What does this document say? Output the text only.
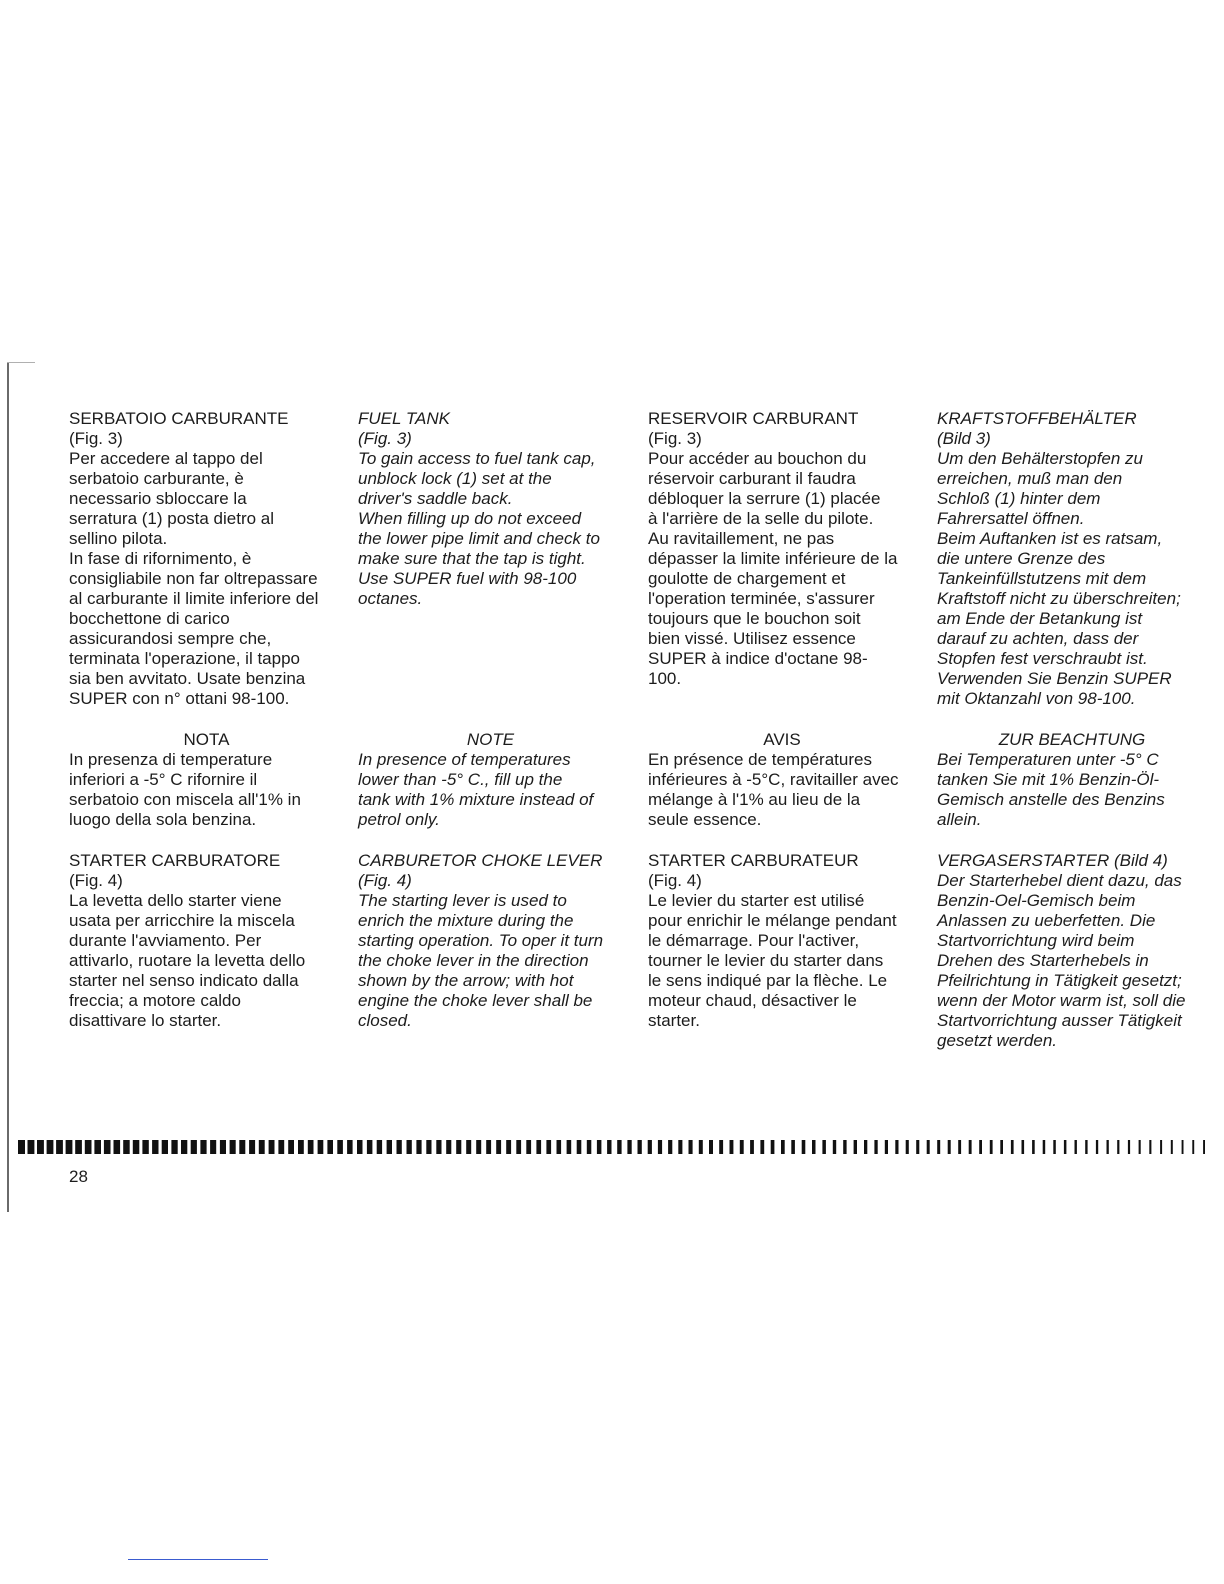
SERBATOIO CARBURANTE
(Fig. 3)
Per accedere al tappo del
serbatoio carburante, è
necessario sbloccare la
serratura (1) posta dietro al
sellino pilota.
In fase di rifornimento, è
consigliabile non far oltrepassare
al carburante il limite inferiore del
bocchettone di carico
assicurandosi sempre che,
terminata l'operazione, il tappo
sia ben avvitato. Usate benzina
SUPER con n° ottani 98-100.
NOTA
In presenza di temperature
inferiori a -5° C rifornire il
serbatoio con miscela all'1% in
luogo della sola benzina.
STARTER CARBURATORE
(Fig. 4)
La levetta dello starter viene
usata per arricchire la miscela
durante l'avviamento. Per
attivarlo, ruotare la levetta dello
starter nel senso indicato dalla
freccia; a motore caldo
disattivare lo starter.
FUEL TANK
(Fig. 3)
To gain access to fuel tank cap,
unblock lock (1) set at the
driver's saddle back.
When filling up do not exceed
the lower pipe limit and check to
make sure that the tap is tight.
Use SUPER fuel with 98-100
octanes.
NOTE
In presence of temperatures
lower than -5° C., fill up the
tank with 1% mixture instead of
petrol only.
CARBURETOR CHOKE LEVER
(Fig. 4)
The starting lever is used to
enrich the mixture during the
starting operation. To oper it turn
the choke lever in the direction
shown by the arrow; with hot
engine the choke lever shall be
closed.
RESERVOIR CARBURANT
(Fig. 3)
Pour accéder au bouchon du
réservoir carburant il faudra
débloquer la serrure (1) placée
à l'arrière de la selle du pilote.
Au ravitaillement, ne pas
dépasser la limite inférieure de la
goulotte de chargement et
l'operation terminée, s'assurer
toujours que le bouchon soit
bien vissé. Utilisez essence
SUPER à indice d'octane 98-
100.
AVIS
En présence de températures
inférieures à -5°C, ravitailler avec
mélange à l'1% au lieu de la
seule essence.
STARTER CARBURATEUR
(Fig. 4)
Le levier du starter est utilisé
pour enrichir le mélange pendant
le démarrage. Pour l'activer,
tourner le levier du starter dans
le sens indiqué par la flèche. Le
moteur chaud, désactiver le
starter.
KRAFTSTOFFBEHÄLTER
(Bild 3)
Um den Behälterstopfen zu
erreichen, muß man den
Schloß (1) hinter dem
Fahrersattel öffnen.
Beim Auftanken ist es ratsam,
die untere Grenze des
Tankeinfüllstutzens mit dem
Kraftstoff nicht zu überschreiten;
am Ende der Betankung ist
darauf zu achten, dass der
Stopfen fest verschraubt ist.
Verwenden Sie Benzin SUPER
mit Oktanzahl von 98-100.
ZUR BEACHTUNG
Bei Temperaturen unter -5° C
tanken Sie mit 1% Benzin-Öl-
Gemisch anstelle des Benzins
allein.
VERGASERSTARTER (Bild 4)
Der Starterhebel dient dazu, das
Benzin-Oel-Gemisch beim
Anlassen zu ueberfetten. Die
Startvorrichtung wird beim
Drehen des Starterhebels in
Pfeilrichtung in Tätigkeit gesetzt;
wenn der Motor warm ist, soll die
Startvorrichtung ausser Tätigkeit
gesetzt werden.
28
